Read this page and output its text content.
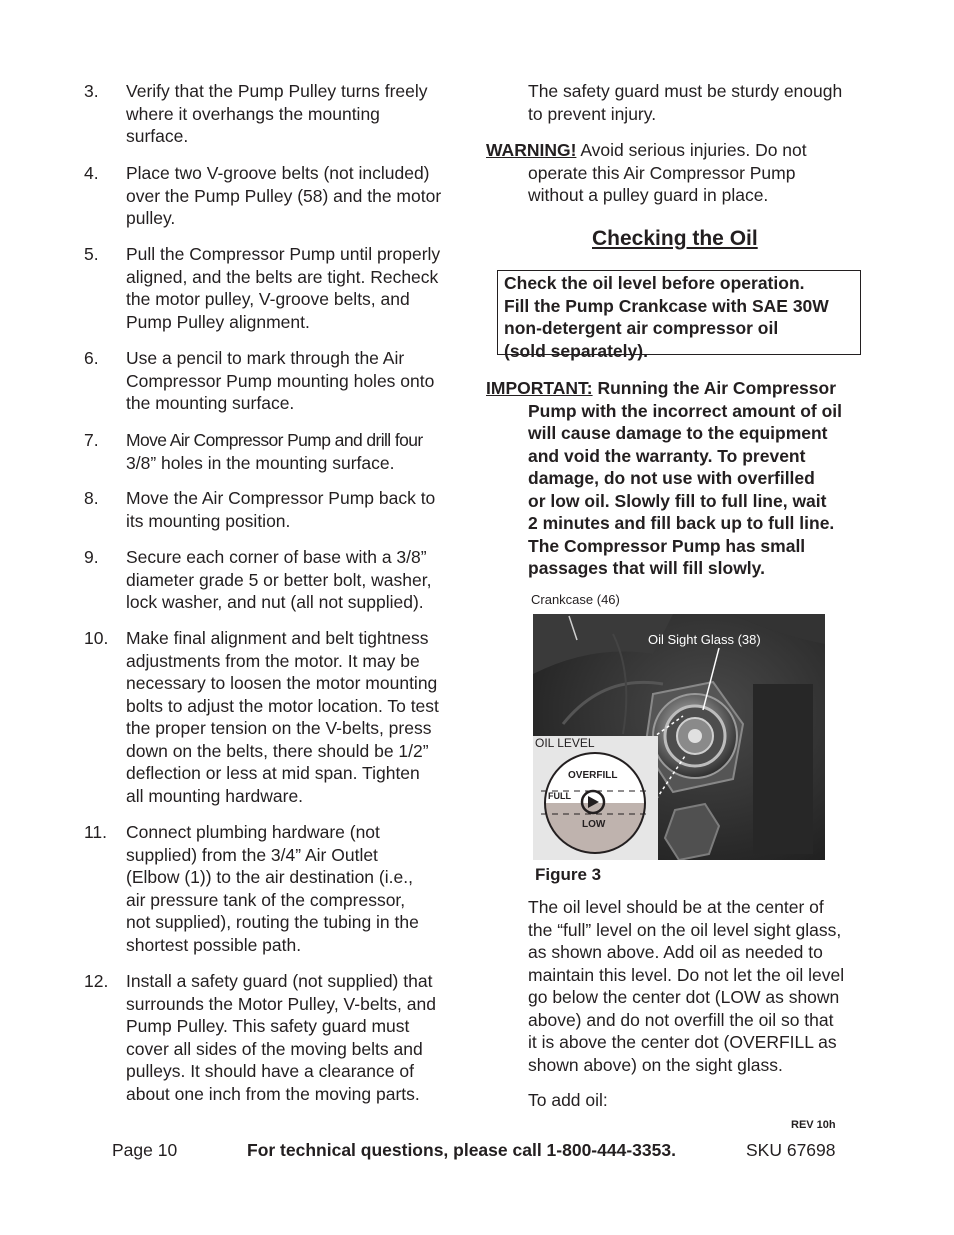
3.	Verify that the Pump Pulley turns freely
where it overhangs the mounting
surface.
4.	Place two V-groove belts (not included)
over the Pump Pulley (58) and the motor
pulley.
5.	Pull the Compressor Pump until properly
aligned, and the belts are tight. Recheck
the motor pulley, V-groove belts, and
Pump Pulley alignment.
6.	Use a pencil to mark through the Air
Compressor Pump mounting holes onto
the mounting surface.
7.	Move Air Compressor Pump and drill four
3/8” holes in the mounting surface.
8.	Move the Air Compressor Pump back to
its mounting position.
9.	Secure each corner of base with a 3/8”
diameter grade 5 or better bolt, washer,
lock washer, and nut (all not supplied).
10.	Make final alignment and belt tightness
adjustments from the motor. It may be
necessary to loosen the motor mounting
bolts to adjust the motor location. To test
the proper tension on the V-belts, press
down on the belts, there should be 1/2”
deflection or less at mid span. Tighten
all mounting hardware.
11.	Connect plumbing hardware (not
supplied) from the 3/4” Air Outlet
(Elbow (1)) to the air destination (i.e.,
air pressure tank of the compressor,
not supplied), routing the tubing in the
shortest possible path.
12.	Install a safety guard (not supplied) that
surrounds the Motor Pulley, V-belts, and
Pump Pulley. This safety guard must
cover all sides of the moving belts and
pulleys. It should have a clearance of
about one inch from the moving parts.
The safety guard must be sturdy enough
to prevent injury.
WARNING! Avoid serious injuries. Do not
operate this Air Compressor Pump
without a pulley guard in place.
Checking the Oil
Check the oil level before operation.
Fill the Pump Crankcase with SAE 30W
non-detergent air compressor oil
(sold separately).
IMPORTANT: Running the Air Compressor
Pump with the incorrect amount of oil
will cause damage to the equipment
and void the warranty. To prevent
damage, do not use with overfilled
or low oil. Slowly fill to full line, wait
2 minutes and fill back up to full line.
The Compressor Pump has small
passages that will fill slowly.
Crankcase (46)
Oil Sight Glass (38)
OIL LEVEL
OVERFILL
FULL
LOW
Figure 3
The oil level should be at the center of
the “full” level on the oil level sight glass,
as shown above. Add oil as needed to
maintain this level. Do not let the oil level
go below the center dot (LOW as shown
above) and do not overfill the oil so that
it is above the center dot (OVERFILL as
shown above) on the sight glass.
To add oil:
REV 10h
Page 10	For technical questions, please call 1-800-444-3353.	SKU 67698
